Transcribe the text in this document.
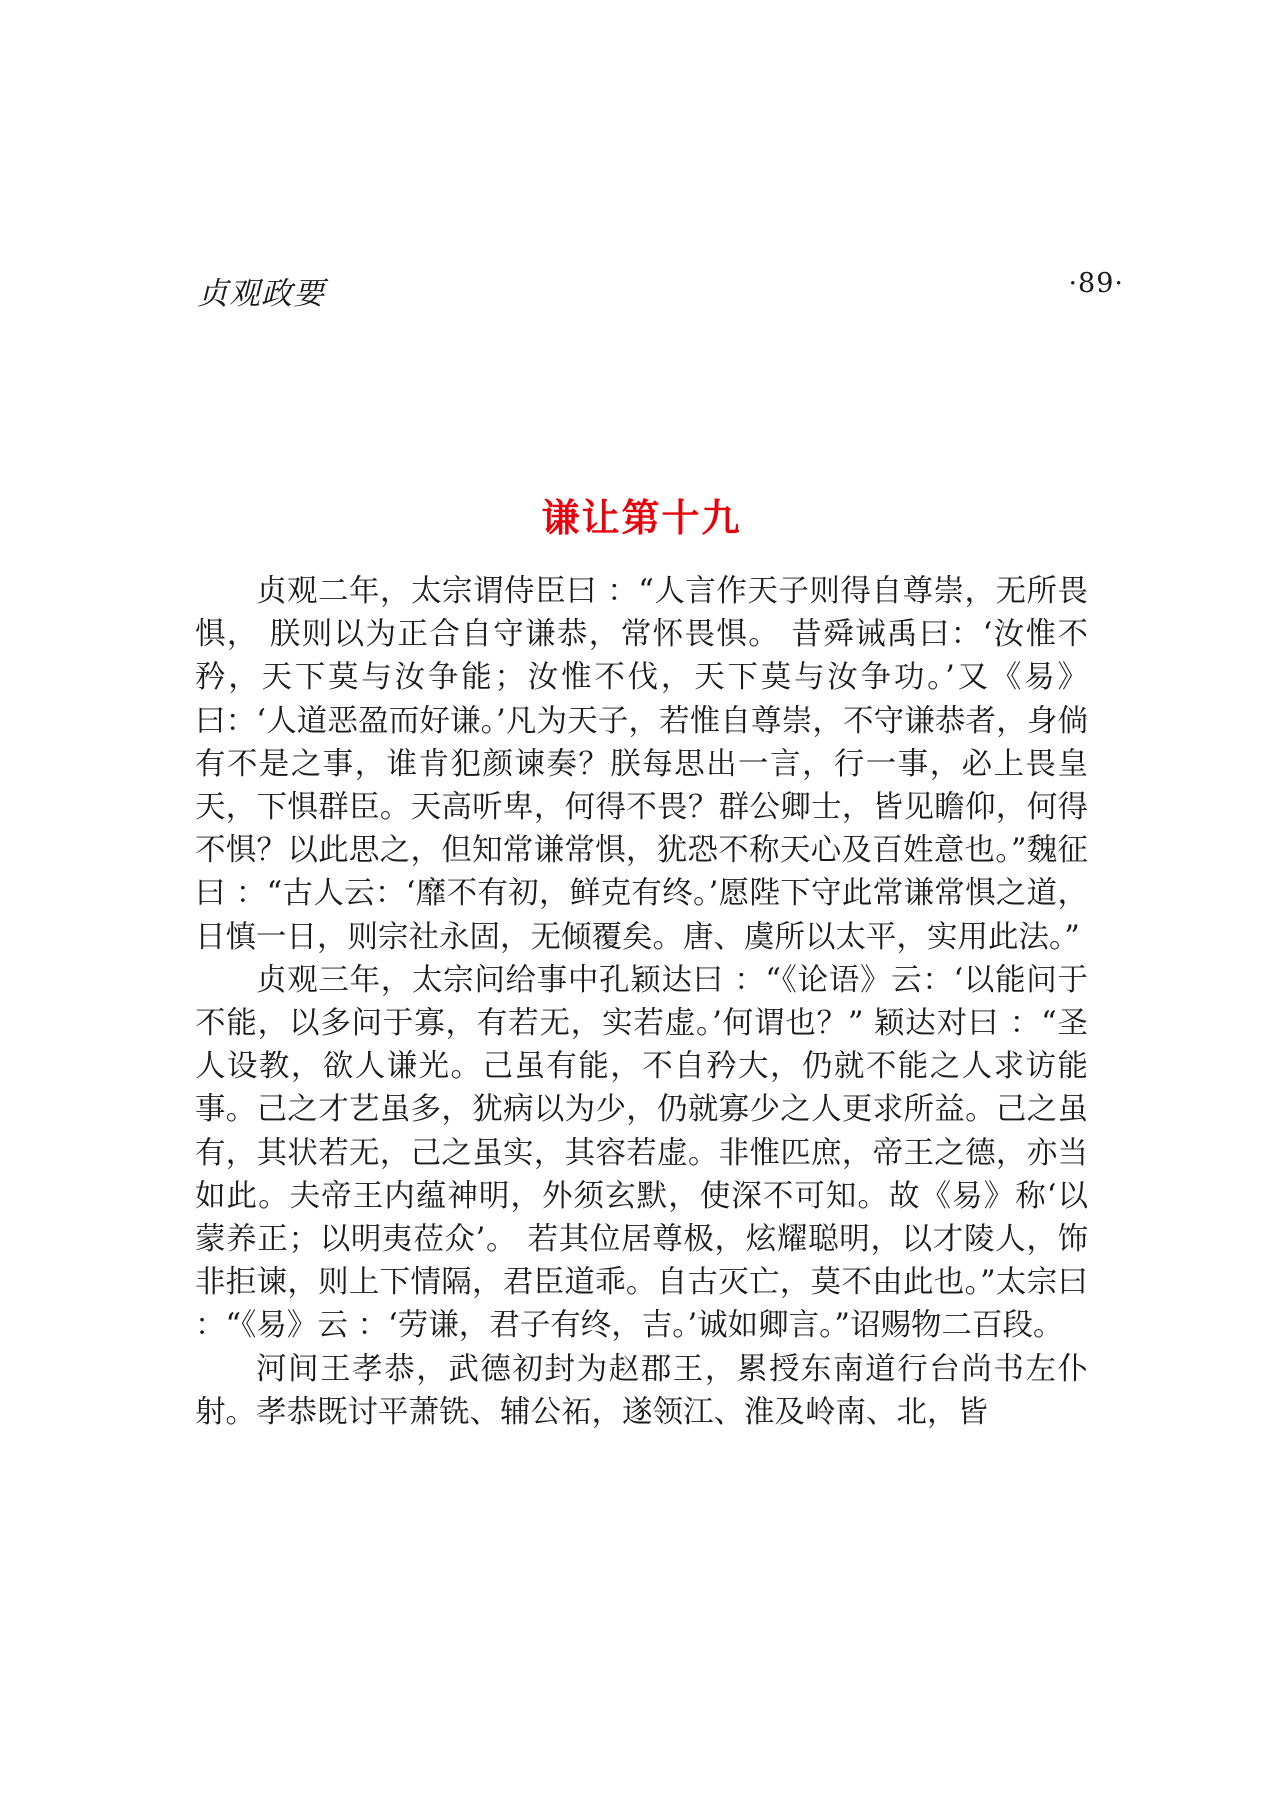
贞观政要	·89·
谦让第十九

贞观二年，太宗谓侍臣曰 ：“人言作天子则得自尊崇，无所畏惧， 朕则以为正合自守谦恭，常怀畏惧。 昔舜诫禹曰：‘汝惟不矜，天下莫与汝争能；汝惟不伐，天下莫与汝争功。’又《易》曰：‘人道恶盈而好谦。’凡为天子，若惟自尊崇，不守谦恭者，身倘有不是之事，谁肯犯颜谏奏？朕每思出一言，行一事，必上畏皇天，下惧群臣。天高听卑，何得不畏？群公卿士，皆见瞻仰，何得不惧？以此思之，但知常谦常惧，犹恐不称天心及百姓意也。”魏征曰 ：“古人云：‘靡不有初，鲜克有终。’愿陛下守此常谦常惧之道， 日慎一日，则宗社永固，无倾覆矣。唐、虞所以太平，实用此法。”

贞观三年，太宗问给事中孔颖达曰 ：“《论语》云：‘以能问于不能，以多问于寡，有若无，实若虚。’何谓也？” 颖达对曰 ：“圣人设教，欲人谦光。己虽有能，不自矜大，仍就不能之人求访能事。己之才艺虽多，犹病以为少，仍就寡少之人更求所益。己之虽有，其状若无，己之虽实，其容若虚。非惟匹庶，帝王之德，亦当如此。夫帝王内蕴神明，外须玄默，使深不可知。故《易》称‘以蒙养正；以明夷莅众’。 若其位居尊极，炫耀聪明，以才陵人，饰非拒谏，则上下情隔，君臣道乖。自古灭亡，莫不由此也。”太宗曰 ：“《易》云 ：‘劳谦，君子有终，吉。’诚如卿言。”诏赐物二百段。

河间王孝恭，武德初封为赵郡王，累授东南道行台尚书左仆射。孝恭既讨平萧铣、辅公祏，遂领江、淮及岭南、北，皆
